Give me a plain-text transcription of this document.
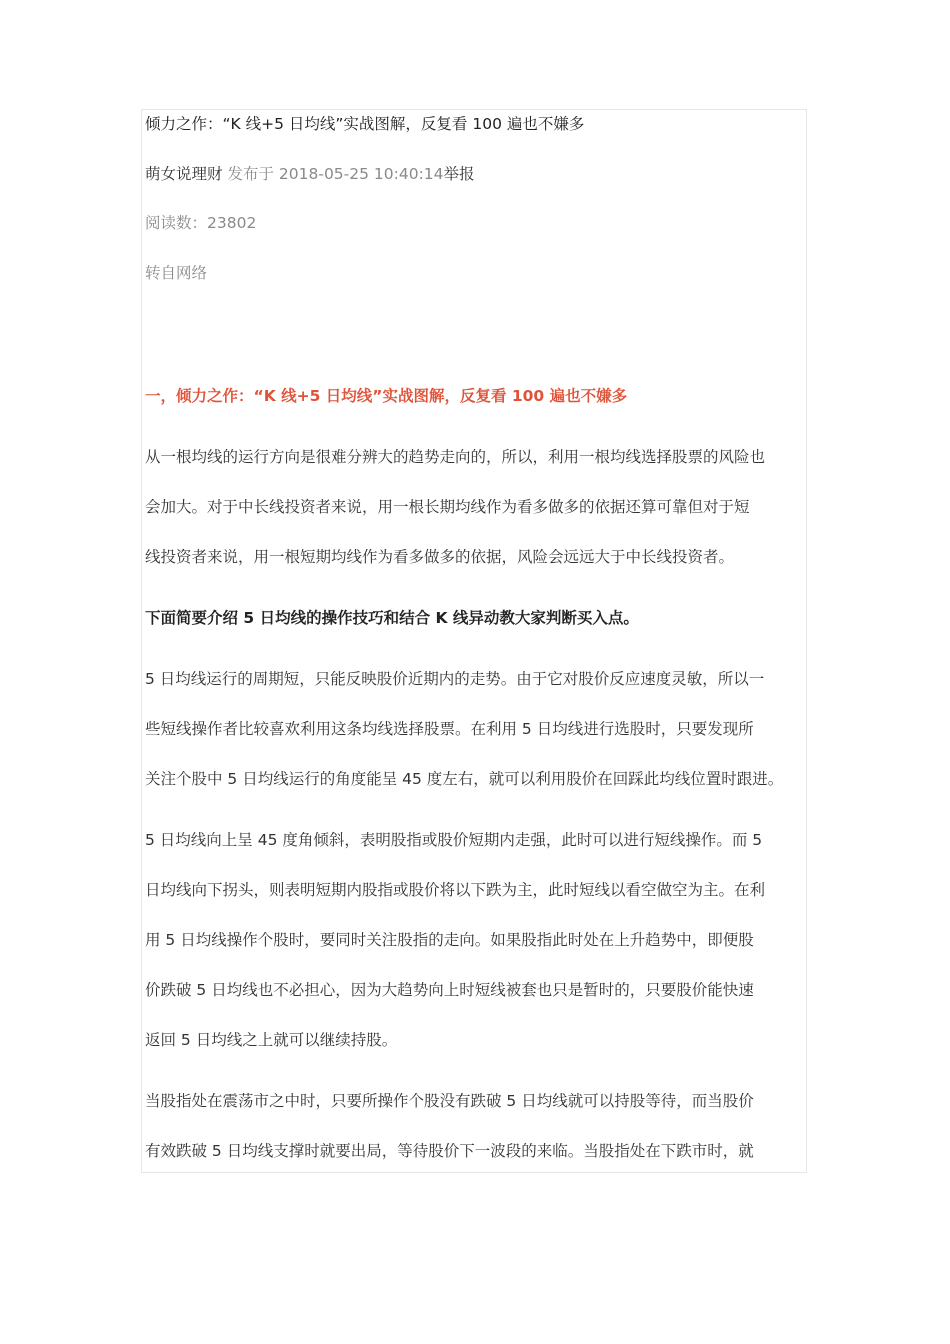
倾力之作：“K 线+5 日均线”实战图解，反复看 100 遍也不嫌多
萌女说理财 发布于 2018-05-25 10:40:14举报
阅读数：23802
转自网络
一，倾力之作：“K 线+5 日均线”实战图解，反复看 100 遍也不嫌多
从一根均线的运行方向是很难分辨大的趋势走向的，所以，利用一根均线选择股票的风险也
会加大。对于中长线投资者来说，用一根长期均线作为看多做多的依据还算可靠但对于短
线投资者来说，用一根短期均线作为看多做多的依据，风险会远远大于中长线投资者。
下面简要介绍 5 日均线的操作技巧和结合 K 线异动教大家判断买入点。
5 日均线运行的周期短，只能反映股价近期内的走势。由于它对股价反应速度灵敏，所以一
些短线操作者比较喜欢利用这条均线选择股票。在利用 5 日均线进行选股时，只要发现所
关注个股中 5 日均线运行的角度能呈 45 度左右，就可以利用股价在回踩此均线位置时跟进。
5 日均线向上呈 45 度角倾斜，表明股指或股价短期内走强，此时可以进行短线操作。而 5
日均线向下拐头，则表明短期内股指或股价将以下跌为主，此时短线以看空做空为主。在利
用 5 日均线操作个股时，要同时关注股指的走向。如果股指此时处在上升趋势中，即便股
价跌破 5 日均线也不必担心，因为大趋势向上时短线被套也只是暂时的，只要股价能快速
返回 5 日均线之上就可以继续持股。
当股指处在震荡市之中时，只要所操作个股没有跌破 5 日均线就可以持股等待，而当股价
有效跌破 5 日均线支撑时就要出局，等待股价下一波段的来临。当股指处在下跌市时，就
